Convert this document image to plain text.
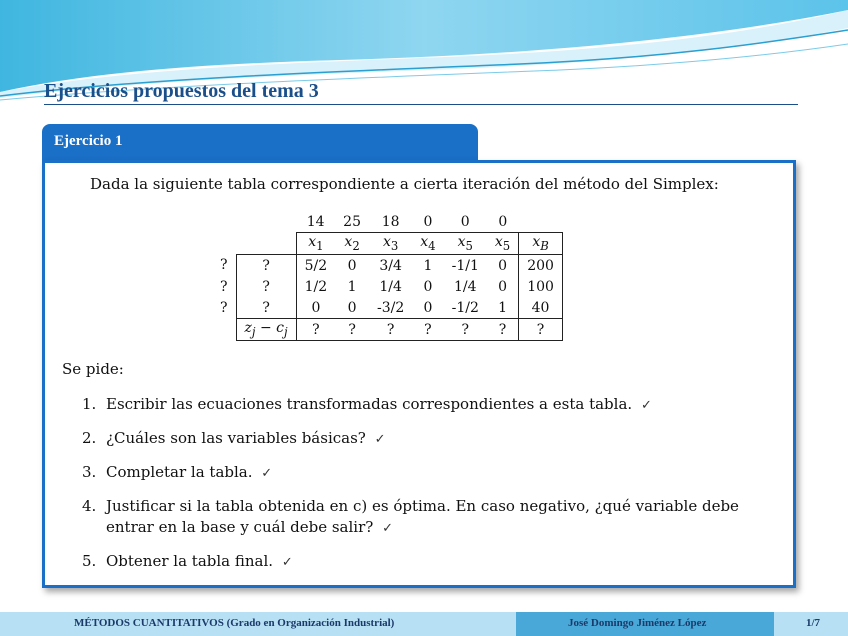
Ejercicios propuestos del tema 3
Ejercicio 1
Dada la siguiente tabla correspondiente a cierta iteración del método del Simplex:
		14	25	18	0	0	0	
		$x_1$	$x_2$	$x_3$	$x_4$	$x_5$	$x_5$	$x_B$
?	?	5/2	0	3/4	1	-1/1	0	200
?	?	1/2	1	1/4	0	1/4	0	100
?	?	0	0	-3/2	0	-1/2	1	40
	$z_j - c_j$	?	?	?	?	?	?	?
Se pide:
1. Escribir las ecuaciones transformadas correspondientes a esta tabla. ✓
2. ¿Cuáles son las variables básicas? ✓
3. Completar la tabla. ✓
4. Justificar si la tabla obtenida en c) es óptima. En caso negativo, ¿qué variable debe entrar en la base y cuál debe salir? ✓
5. Obtener la tabla final. ✓
MÉTODOS CUANTITATIVOS (Grado en Organización Industrial)	José Domingo Jiménez López	1/7
